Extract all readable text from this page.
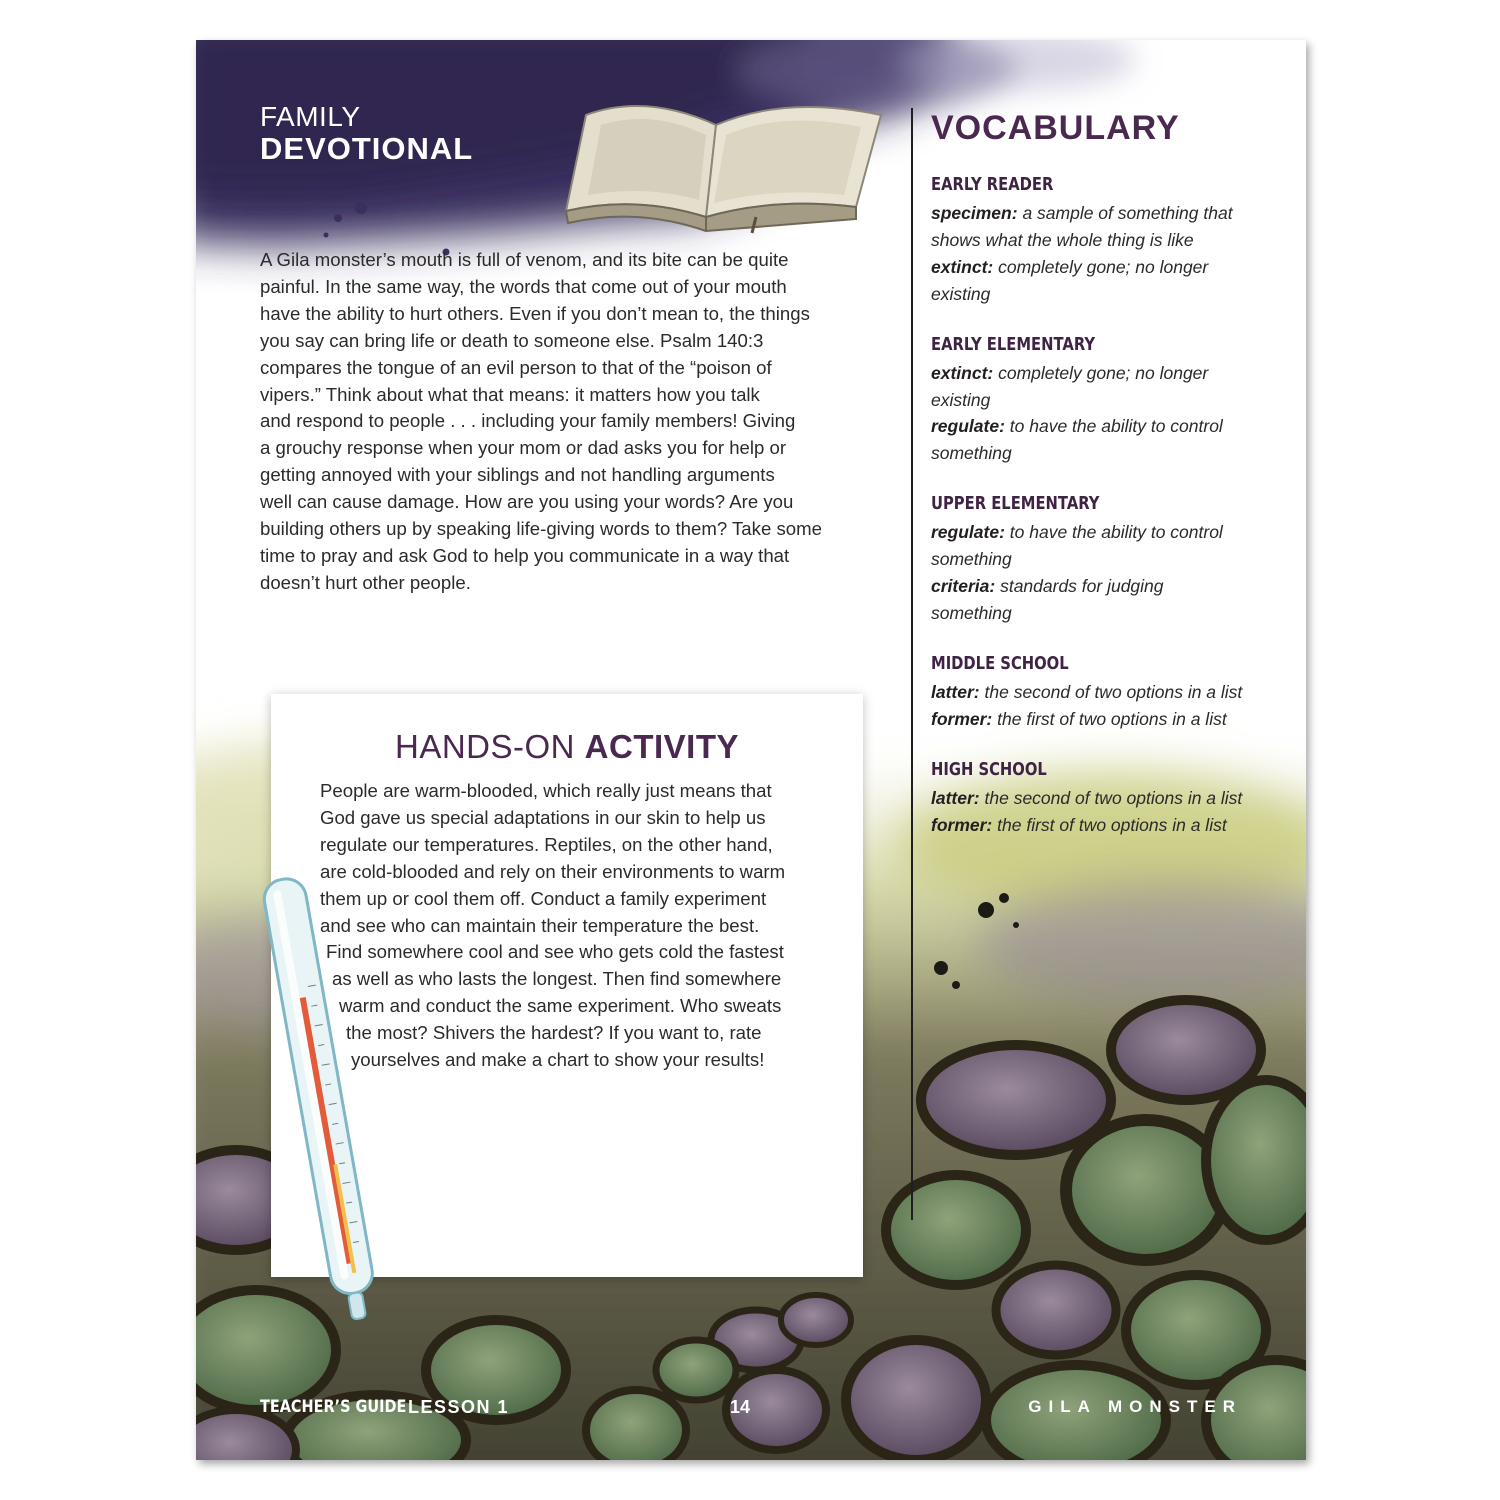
FAMILY
DEVOTIONAL
A Gila monster’s mouth is full of venom, and its bite can be quite
painful. In the same way, the words that come out of your mouth
have the ability to hurt others. Even if you don’t mean to, the things
you say can bring life or death to someone else. Psalm 140:3
compares the tongue of an evil person to that of the “poison of
vipers.” Think about what that means: it matters how you talk
and respond to people . . . including your family members! Giving
a grouchy response when your mom or dad asks you for help or
getting annoyed with your siblings and not handling arguments
well can cause damage. How are you using your words? Are you
building others up by speaking life-giving words to them? Take some
time to pray and ask God to help you communicate in a way that
doesn’t hurt other people.
VOCABULARY
EARLY READER
specimen: a sample of something that
shows what the whole thing is like
extinct: completely gone; no longer
existing
EARLY ELEMENTARY
extinct: completely gone; no longer
existing
regulate: to have the ability to control
something
UPPER ELEMENTARY
regulate: to have the ability to control
something
criteria: standards for judging
something
MIDDLE SCHOOL
latter: the second of two options in a list
former: the first of two options in a list
HIGH SCHOOL
latter: the second of two options in a list
former: the first of two options in a list
HANDS-ON ACTIVITY
People are warm-blooded, which really just means that
God gave us special adaptations in our skin to help us
regulate our temperatures. Reptiles, on the other hand,
are cold-blooded and rely on their environments to warm
them up or cool them off. Conduct a family experiment
and see who can maintain their temperature the best.
Find somewhere cool and see who gets cold the fastest
as well as who lasts the longest. Then find somewhere
warm and conduct the same experiment. Who sweats
the most? Shivers the hardest? If you want to, rate
yourselves and make a chart to show your results!
TEACHER’S GUIDE LESSON 1	14	GILA MONSTER
